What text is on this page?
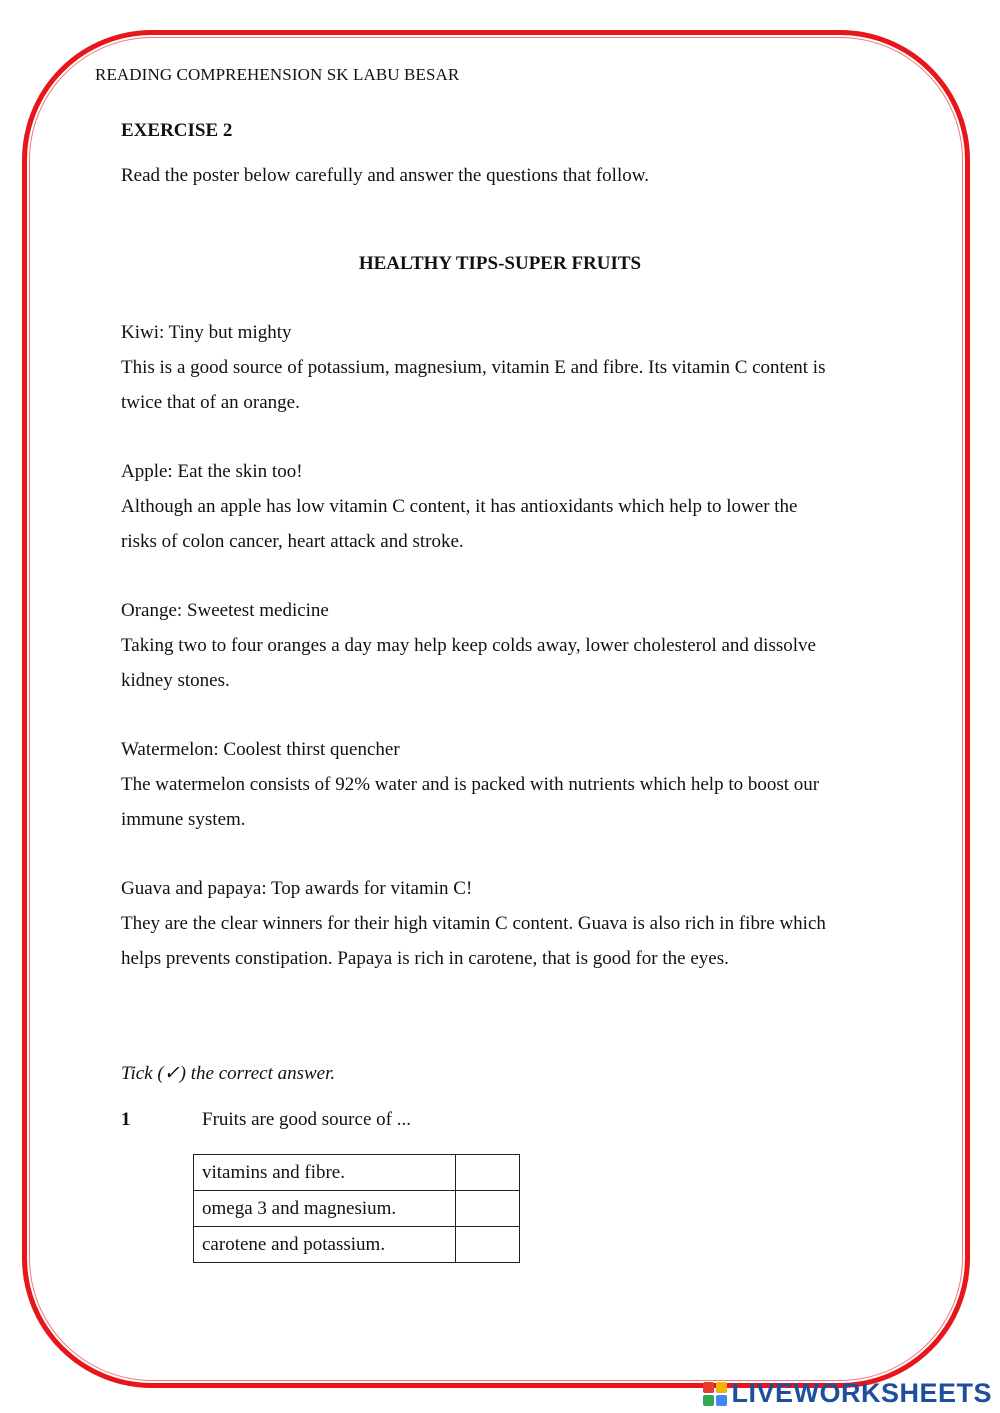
READING COMPREHENSION SK LABU BESAR
EXERCISE 2
Read the poster below carefully and answer the questions that follow.
HEALTHY TIPS-SUPER FRUITS
Kiwi: Tiny but mighty
This is a good source of potassium, magnesium, vitamin E and fibre. Its vitamin C content is
twice that of an orange.
Apple: Eat the skin too!
Although an apple has low vitamin C content, it has antioxidants which help to lower the
risks of colon cancer, heart attack and stroke.
Orange: Sweetest medicine
Taking two to four oranges a day may help keep colds away, lower cholesterol and dissolve
kidney stones.
Watermelon: Coolest thirst quencher
The watermelon consists of 92% water and is packed with nutrients which help to boost our
immune system.
Guava and papaya: Top awards for vitamin C!
They are the clear winners for their high vitamin C content. Guava is also rich in fibre which
helps prevents constipation. Papaya is rich in carotene, that is good for the eyes.
Tick (✓) the correct answer.
1	Fruits are good source of ...
vitamins and fibre.	
omega 3 and magnesium.	
carotene and potassium.	
LIVEWORKSHEETS
